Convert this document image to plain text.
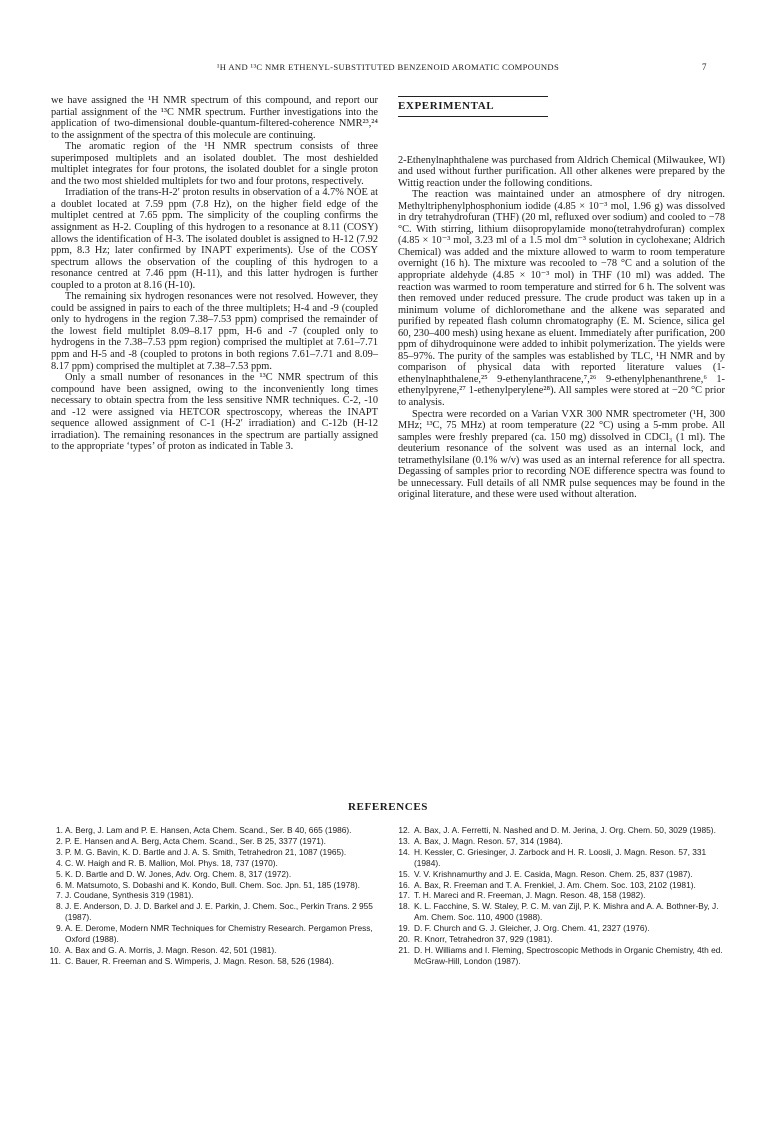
¹H AND ¹³C NMR ETHENYL-SUBSTITUTED BENZENOID AROMATIC COMPOUNDS	7

we have assigned the ¹H NMR spectrum of this compound, and report our partial assignment of the ¹³C NMR spectrum. Further investigations into the application of two-dimensional double-quantum-filtered-coherence NMR²³,²⁴ to the assignment of the spectra of this molecule are continuing.

The aromatic region of the ¹H NMR spectrum consists of three superimposed multiplets and an isolated doublet. The most deshielded multiplet integrates for four protons, the isolated doublet for a single proton and the two most shielded multiplets for two and four protons, respectively.

Irradiation of the trans-H-2′ proton results in observation of a 4.7% NOE at a doublet located at 7.59 ppm (7.8 Hz), on the higher field edge of the multiplet centred at 7.65 ppm. The simplicity of the coupling confirms the assignment as H-2. Coupling of this hydrogen to a resonance at 8.11 (COSY) allows the identification of H-3. The isolated doublet is assigned to H-12 (7.92 ppm, 8.3 Hz; later confirmed by INAPT experiments). Use of the COSY spectrum allows the observation of the coupling of this hydrogen to a resonance centred at 7.46 ppm (H-11), and this latter hydrogen is further coupled to a proton at 8.16 (H-10).

The remaining six hydrogen resonances were not resolved. However, they could be assigned in pairs to each of the three multiplets; H-4 and -9 (coupled only to hydrogens in the region 7.38–7.53 ppm) comprised the remainder of the lowest field multiplet 8.09–8.17 ppm, H-6 and -7 (coupled only to hydrogens in the 7.38–7.53 ppm region) comprised the multiplet at 7.61–7.71 ppm and H-5 and -8 (coupled to protons in both regions 7.61–7.71 and 8.09–8.17 ppm) comprised the multiplet at 7.38–7.53 ppm.

Only a small number of resonances in the ¹³C NMR spectrum of this compound have been assigned, owing to the inconveniently long times necessary to obtain spectra from the less sensitive NMR techniques. C-2, -10 and -12 were assigned via HETCOR spectroscopy, whereas the INAPT sequence allowed assignment of C-1 (H-2′ irradiation) and C-12b (H-12 irradiation). The remaining resonances in the spectrum are partially assigned to the appropriate ‘types’ of proton as indicated in Table 3.

EXPERIMENTAL

2-Ethenylnaphthalene was purchased from Aldrich Chemical (Milwaukee, WI) and used without further purification. All other alkenes were prepared by the Wittig reaction under the following conditions.

The reaction was maintained under an atmosphere of dry nitrogen. Methyltriphenylphosphonium iodide (4.85 × 10⁻³ mol, 1.96 g) was dissolved in dry tetrahydrofuran (THF) (20 ml, refluxed over sodium) and cooled to −78 °C. With stirring, lithium diisopropylamide mono(tetrahydrofuran) complex (4.85 × 10⁻³ mol, 3.23 ml of a 1.5 mol dm⁻³ solution in cyclohexane; Aldrich Chemical) was added and the mixture allowed to warm to room temperature overnight (16 h). The mixture was recooled to −78 °C and a solution of the appropriate aldehyde (4.85 × 10⁻³ mol) in THF (10 ml) was added. The reaction was warmed to room temperature and stirred for 6 h. The solvent was then removed under reduced pressure. The crude product was taken up in a minimum volume of dichloromethane and the alkene was separated and purified by repeated flash column chromatography (E. M. Science, silica gel 60, 230–400 mesh) using hexane as eluent. Immediately after purification, 200 ppm of dihydroquinone were added to inhibit polymerization. The yields were 85–97%. The purity of the samples was established by TLC, ¹H NMR and by comparison of physical data with reported literature values (1-ethenylnaphthalene,²⁵ 9-ethenylanthracene,⁷,²⁶ 9-ethenylphenanthrene,⁶ 1-ethenylpyrene,²⁷ 1-ethenylperylene²⁸). All samples were stored at −20 °C prior to analysis.

Spectra were recorded on a Varian VXR 300 NMR spectrometer (¹H, 300 MHz; ¹³C, 75 MHz) at room temperature (22 °C) using a 5-mm probe. All samples were freshly prepared (ca. 150 mg) dissolved in CDCl₃ (1 ml). The deuterium resonance of the solvent was used as an internal lock, and tetramethylsilane (0.1% w/v) was used as an internal reference for all spectra. Degassing of samples prior to recording NOE difference spectra was found to be unnecessary. Full details of all NMR pulse sequences may be found in the original literature, and these were used without alteration.

REFERENCES
1. A. Berg, J. Lam and P. E. Hansen, Acta Chem. Scand., Ser. B 40, 665 (1986).
2. P. E. Hansen and A. Berg, Acta Chem. Scand., Ser. B 25, 3377 (1971).
3. P. M. G. Bavin, K. D. Bartle and J. A. S. Smith, Tetrahedron 21, 1087 (1965).
4. C. W. Haigh and R. B. Mallion, Mol. Phys. 18, 737 (1970).
5. K. D. Bartle and D. W. Jones, Adv. Org. Chem. 8, 317 (1972).
6. M. Matsumoto, S. Dobashi and K. Kondo, Bull. Chem. Soc. Jpn. 51, 185 (1978).
7. J. Coudane, Synthesis 319 (1981).
8. J. E. Anderson, D. J. D. Barkel and J. E. Parkin, J. Chem. Soc., Perkin Trans. 2 955 (1987).
9. A. E. Derome, Modern NMR Techniques for Chemistry Research. Pergamon Press, Oxford (1988).
10. A. Bax and G. A. Morris, J. Magn. Reson. 42, 501 (1981).
11. C. Bauer, R. Freeman and S. Wimperis, J. Magn. Reson. 58, 526 (1984).
12. A. Bax, J. A. Ferretti, N. Nashed and D. M. Jerina, J. Org. Chem. 50, 3029 (1985).
13. A. Bax, J. Magn. Reson. 57, 314 (1984).
14. H. Kessler, C. Griesinger, J. Zarbock and H. R. Loosli, J. Magn. Reson. 57, 331 (1984).
15. V. V. Krishnamurthy and J. E. Casida, Magn. Reson. Chem. 25, 837 (1987).
16. A. Bax, R. Freeman and T. A. Frenkiel, J. Am. Chem. Soc. 103, 2102 (1981).
17. T. H. Mareci and R. Freeman, J. Magn. Reson. 48, 158 (1982).
18. K. L. Facchine, S. W. Staley, P. C. M. van Zijl, P. K. Mishra and A. A. Bothner-By, J. Am. Chem. Soc. 110, 4900 (1988).
19. D. F. Church and G. J. Gleicher, J. Org. Chem. 41, 2327 (1976).
20. R. Knorr, Tetrahedron 37, 929 (1981).
21. D. H. Williams and I. Fleming, Spectroscopic Methods in Organic Chemistry, 4th ed. McGraw-Hill, London (1987).
